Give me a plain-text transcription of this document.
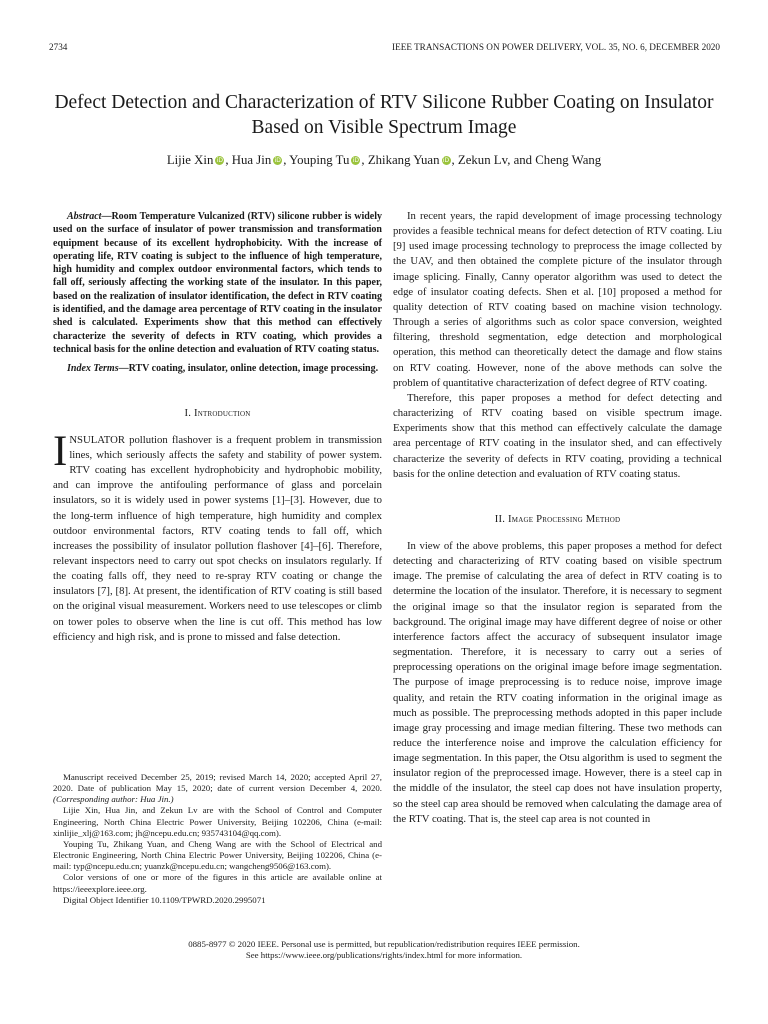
2734	IEEE TRANSACTIONS ON POWER DELIVERY, VOL. 35, NO. 6, DECEMBER 2020
Defect Detection and Characterization of RTV Silicone Rubber Coating on Insulator Based on Visible Spectrum Image
Lijie Xin iD , Hua Jin iD , Youping Tu iD , Zhikang Yuan iD , Zekun Lv, and Cheng Wang

Abstract—Room Temperature Vulcanized (RTV) silicone rubber is widely used on the surface of insulator of power transmission and transformation equipment because of its excellent hydrophobicity. With the increase of operating life, RTV coating is subject to the influence of high temperature, high humidity and complex outdoor environmental factors, which tends to fall off, seriously affecting the working state of the insulator. In this paper, based on the realization of insulator identification, the defect in RTV coating is identified, and the damage area percentage of RTV coating in the insulator shed is calculated. Experiments show that this method can effectively characterize the severity of defects in RTV coating, which provides a technical basis for the online detection and evaluation of RTV coating status.

Index Terms—RTV coating, insulator, online detection, image processing.

I. Introduction

INSULATOR pollution flashover is a frequent problem in transmission lines, which seriously affects the safety and stability of power system. RTV coating has excellent hydrophobicity and hydrophobic mobility, and can improve the antifouling performance of glass and porcelain insulators, so it is widely used in power systems [1]–[3]. However, due to the long-term influence of high temperature, high humidity and complex outdoor environmental factors, RTV coating tends to fall off, which increases the possibility of insulator pollution flashover [4]–[6]. Therefore, relevant inspectors need to carry out spot checks on insulators regularly. If the coating falls off, they need to re-spray RTV coating or change the insulators [7], [8]. At present, the identification of RTV coating is still based on the original visual measurement. Workers need to use telescopes or climb on tower poles to observe when the line is cut off. This method has low efficiency and high risk, and is prone to missed and false detection.

Manuscript received December 25, 2019; revised March 14, 2020; accepted April 27, 2020. Date of publication May 15, 2020; date of current version December 4, 2020. (Corresponding author: Hua Jin.)

Lijie Xin, Hua Jin, and Zekun Lv are with the School of Control and Computer Engineering, North China Electric Power University, Beijing 102206, China (e-mail: xinlijie_xlj@163.com; jh@ncepu.edu.cn; 935743104@qq.com).

Youping Tu, Zhikang Yuan, and Cheng Wang are with the School of Electrical and Electronic Engineering, North China Electric Power University, Beijing 102206, China (e-mail: typ@ncepu.edu.cn; yuanzk@ncepu.edu.cn; wangcheng9506@163.com).

Color versions of one or more of the figures in this article are available online at https://ieeexplore.ieee.org.

Digital Object Identifier 10.1109/TPWRD.2020.2995071

In recent years, the rapid development of image processing technology provides a feasible technical means for defect detection of RTV coating. Liu [9] used image processing technology to preprocess the image collected by the UAV, and then obtained the complete picture of the insulator through image splicing. Finally, Canny operator algorithm was used to detect the edge of insulator coating defects. Shen et al. [10] proposed a method for quality detection of RTV coating based on machine vision technology. Through a series of algorithms such as color space conversion, weighted filtering, threshold segmentation, edge detection and morphological operation, this method can theoretically detect the damage and flow stains on RTV coating. However, none of the above methods can solve the problem of quantitative characterization of defect degree of RTV coating.

Therefore, this paper proposes a method for defect detecting and characterizing of RTV coating based on visible spectrum image. Experiments show that this method can effectively calculate the damage area percentage of RTV coating in the insulator shed, and can effectively characterize the severity of defects in RTV coating, providing a technical basis for the online detection and evaluation of RTV coating status.

II. Image Processing Method

In view of the above problems, this paper proposes a method for defect detecting and characterizing of RTV coating based on visible spectrum image. The premise of calculating the area of defect in RTV coating is to determine the location of the insulator. Therefore, it is necessary to segment the original image so that the insulator region is separated from the background. The original image may have different degree of noise or other interference factors affect the accuracy of subsequent insulator image segmentation. Therefore, it is necessary to carry out a series of preprocessing operations on the original image before image segmentation. The purpose of image preprocessing is to reduce noise, improve image quality, and retain the RTV coating information in the original image as much as possible. The preprocessing methods adopted in this paper include image gray processing and image median filtering. These two methods can reduce the interference noise and improve the calculation efficiency for image segmentation. In this paper, the Otsu algorithm is used to segment the insulator region of the preprocessed image. However, there is a steel cap in the middle of the insulator, the steel cap does not have insulation property, so the steel cap area should be removed when calculating the damage area of the RTV coating. That is, the steel cap area is not counted in

0885-8977 © 2020 IEEE. Personal use is permitted, but republication/redistribution requires IEEE permission.
See https://www.ieee.org/publications/rights/index.html for more information.
